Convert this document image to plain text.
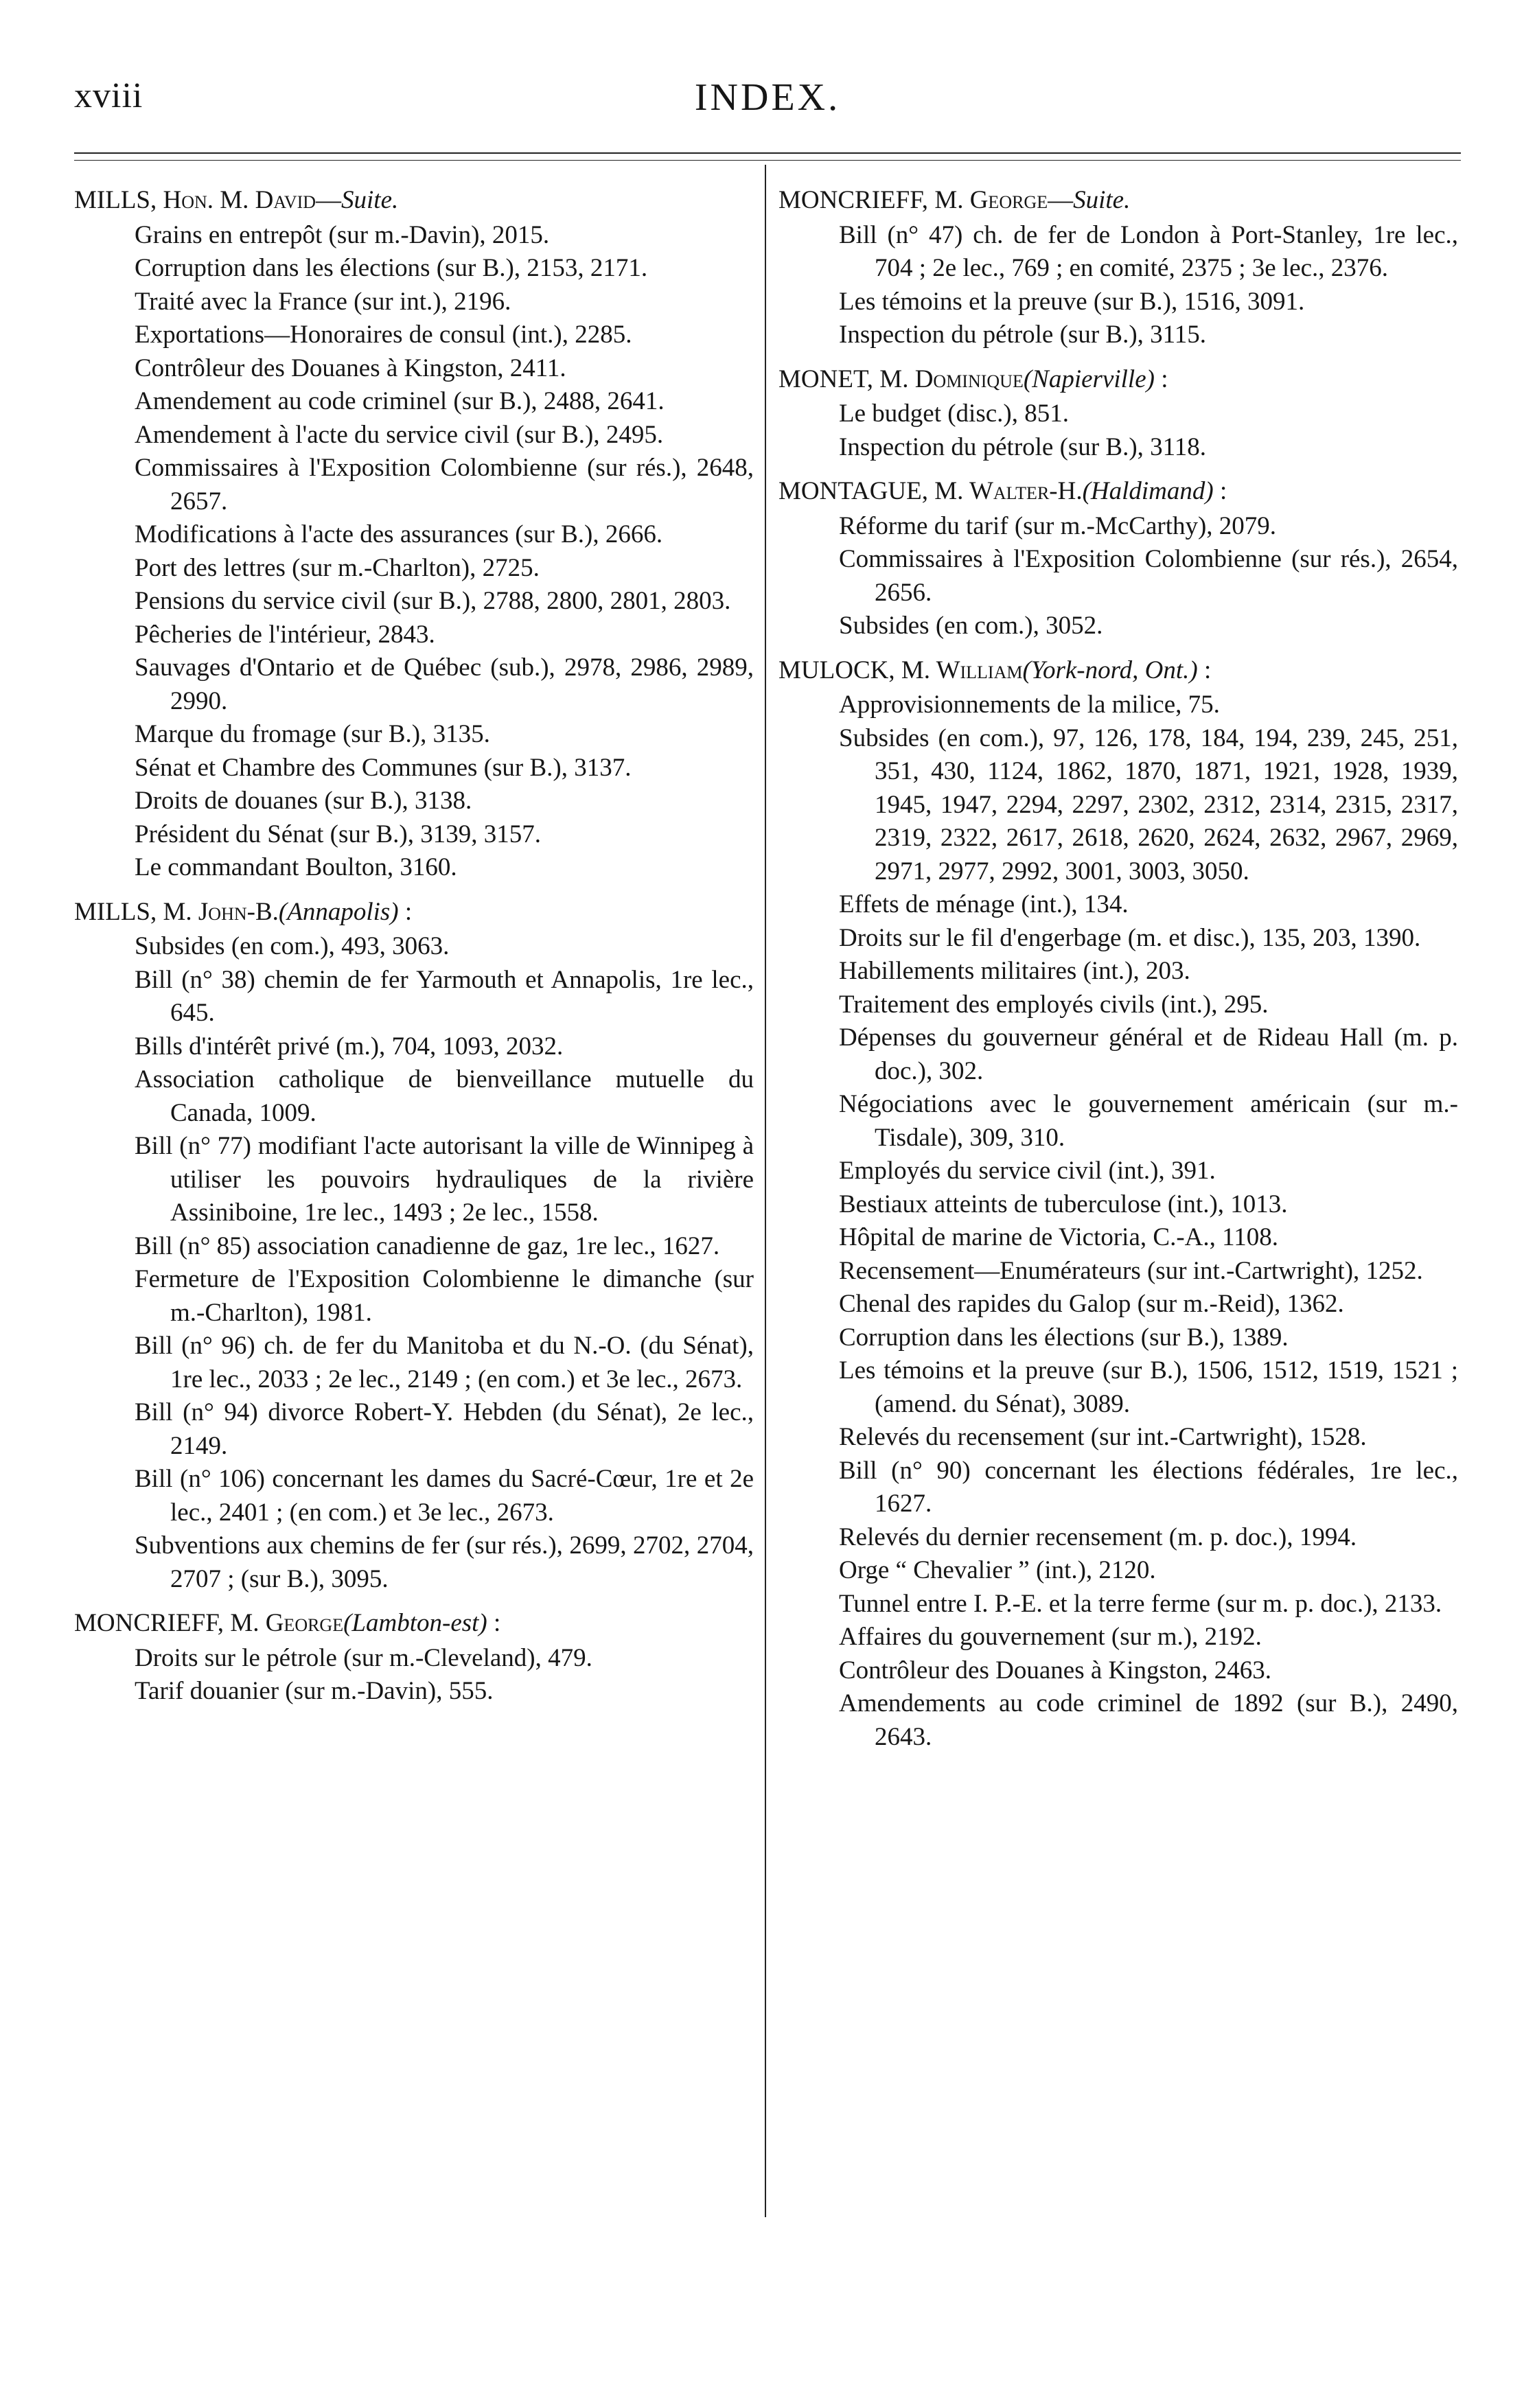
xviii	INDEX.
MILLS, Hon. M. David—Suite.
Grains en entrepôt (sur m.-Davin), 2015.
Corruption dans les élections (sur B.), 2153, 2171.
Traité avec la France (sur int.), 2196.
Exportations—Honoraires de consul (int.), 2285.
Contrôleur des Douanes à Kingston, 2411.
Amendement au code criminel (sur B.), 2488, 2641.
Amendement à l'acte du service civil (sur B.), 2495.
Commissaires à l'Exposition Colombienne (sur rés.), 2648, 2657.
Modifications à l'acte des assurances (sur B.), 2666.
Port des lettres (sur m.-Charlton), 2725.
Pensions du service civil (sur B.), 2788, 2800, 2801, 2803.
Pêcheries de l'intérieur, 2843.
Sauvages d'Ontario et de Québec (sub.), 2978, 2986, 2989, 2990.
Marque du fromage (sur B.), 3135.
Sénat et Chambre des Communes (sur B.), 3137.
Droits de douanes (sur B.), 3138.
Président du Sénat (sur B.), 3139, 3157.
Le commandant Boulton, 3160.
MILLS, M. John-B.(Annapolis) :
Subsides (en com.), 493, 3063.
Bill (n° 38) chemin de fer Yarmouth et Annapolis, 1re lec., 645.
Bills d'intérêt privé (m.), 704, 1093, 2032.
Association catholique de bienveillance mutuelle du Canada, 1009.
Bill (n° 77) modifiant l'acte autorisant la ville de Winnipeg à utiliser les pouvoirs hydrauliques de la rivière Assiniboine, 1re lec., 1493 ; 2e lec., 1558.
Bill (n° 85) association canadienne de gaz, 1re lec., 1627.
Fermeture de l'Exposition Colombienne le dimanche (sur m.-Charlton), 1981.
Bill (n° 96) ch. de fer du Manitoba et du N.-O. (du Sénat), 1re lec., 2033 ; 2e lec., 2149 ; (en com.) et 3e lec., 2673.
Bill (n° 94) divorce Robert-Y. Hebden (du Sénat), 2e lec., 2149.
Bill (n° 106) concernant les dames du Sacré-Cœur, 1re et 2e lec., 2401 ; (en com.) et 3e lec., 2673.
Subventions aux chemins de fer (sur rés.), 2699, 2702, 2704, 2707 ; (sur B.), 3095.
MONCRIEFF, M. George(Lambton-est) :
Droits sur le pétrole (sur m.-Cleveland), 479.
Tarif douanier (sur m.-Davin), 555.
MONCRIEFF, M. George—Suite.
Bill (n° 47) ch. de fer de London à Port-Stanley, 1re lec., 704 ; 2e lec., 769 ; en comité, 2375 ; 3e lec., 2376.
Les témoins et la preuve (sur B.), 1516, 3091.
Inspection du pétrole (sur B.), 3115.
MONET, M. Dominique(Napierville) :
Le budget (disc.), 851.
Inspection du pétrole (sur B.), 3118.
MONTAGUE, M. Walter-H.(Haldimand) :
Réforme du tarif (sur m.-McCarthy), 2079.
Commissaires à l'Exposition Colombienne (sur rés.), 2654, 2656.
Subsides (en com.), 3052.
MULOCK, M. William(York-nord, Ont.) :
Approvisionnements de la milice, 75.
Subsides (en com.), 97, 126, 178, 184, 194, 239, 245, 251, 351, 430, 1124, 1862, 1870, 1871, 1921, 1928, 1939, 1945, 1947, 2294, 2297, 2302, 2312, 2314, 2315, 2317, 2319, 2322, 2617, 2618, 2620, 2624, 2632, 2967, 2969, 2971, 2977, 2992, 3001, 3003, 3050.
Effets de ménage (int.), 134.
Droits sur le fil d'engerbage (m. et disc.), 135, 203, 1390.
Habillements militaires (int.), 203.
Traitement des employés civils (int.), 295.
Dépenses du gouverneur général et de Rideau Hall (m. p. doc.), 302.
Négociations avec le gouvernement américain (sur m.-Tisdale), 309, 310.
Employés du service civil (int.), 391.
Bestiaux atteints de tuberculose (int.), 1013.
Hôpital de marine de Victoria, C.-A., 1108.
Recensement—Enumérateurs (sur int.-Cartwright), 1252.
Chenal des rapides du Galop (sur m.-Reid), 1362.
Corruption dans les élections (sur B.), 1389.
Les témoins et la preuve (sur B.), 1506, 1512, 1519, 1521 ; (amend. du Sénat), 3089.
Relevés du recensement (sur int.-Cartwright), 1528.
Bill (n° 90) concernant les élections fédérales, 1re lec., 1627.
Relevés du dernier recensement (m. p. doc.), 1994.
Orge “ Chevalier ” (int.), 2120.
Tunnel entre I. P.-E. et la terre ferme (sur m. p. doc.), 2133.
Affaires du gouvernement (sur m.), 2192.
Contrôleur des Douanes à Kingston, 2463.
Amendements au code criminel de 1892 (sur B.), 2490, 2643.
